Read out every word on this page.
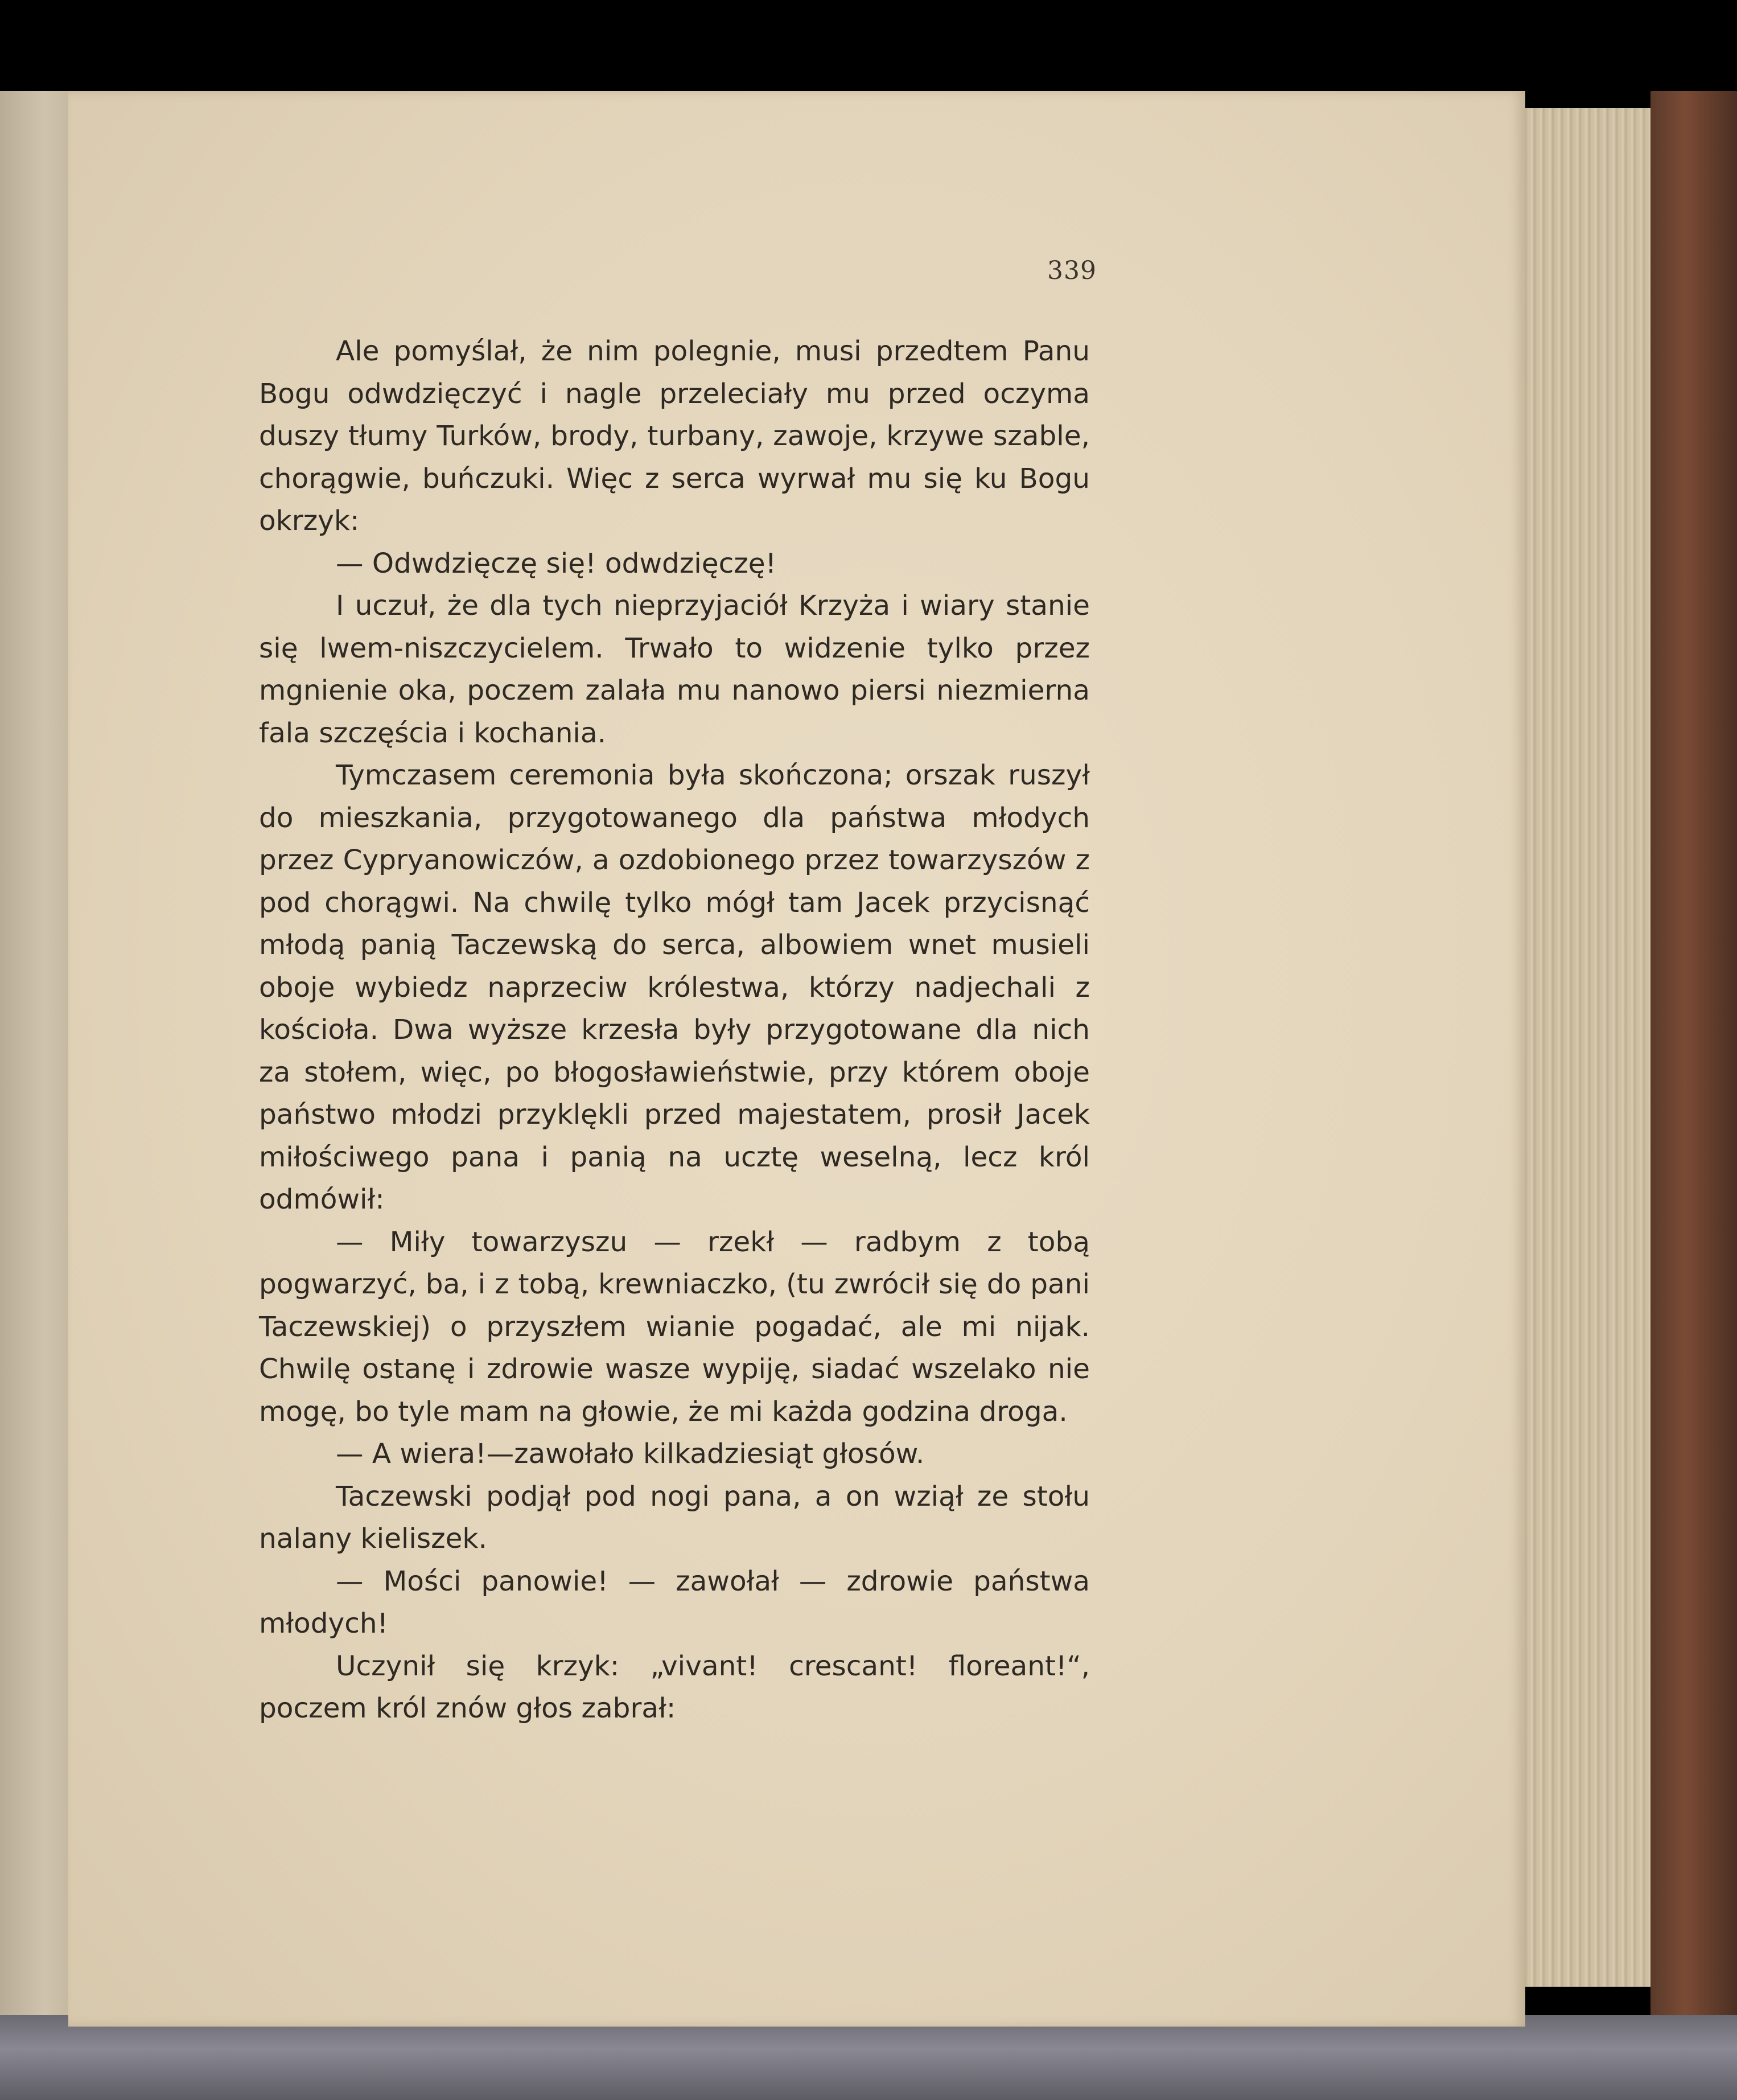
339

Ale pomyślał, że nim polegnie, musi przedtem Panu Bogu odwdzięczyć i nagle przeleciały mu przed oczyma duszy tłumy Turków, brody, turbany, zawoje, krzywe szable, chorągwie, buńczuki. Więc z serca wyrwał mu się ku Bogu okrzyk:

— Odwdzięczę się! odwdzięczę!

I uczuł, że dla tych nieprzyjaciół Krzyża i wiary stanie się lwem-niszczycielem. Trwało to widzenie tylko przez mgnienie oka, poczem zalała mu nanowo piersi niezmierna fala szczęścia i kochania.

Tymczasem ceremonia była skończona; orszak ruszył do mieszkania, przygotowanego dla państwa młodych przez Cypryanowiczów, a ozdobionego przez towarzyszów z pod chorągwi. Na chwilę tylko mógł tam Jacek przycisnąć młodą panią Taczewską do serca, albowiem wnet musieli oboje wybiedz naprzeciw królestwa, którzy nadjechali z kościoła. Dwa wyższe krzesła były przygotowane dla nich za stołem, więc, po błogosławieństwie, przy którem oboje państwo młodzi przyklękli przed majestatem, prosił Jacek miłościwego pana i panią na ucztę weselną, lecz król odmówił:

— Miły towarzyszu — rzekł — radbym z tobą pogwarzyć, ba, i z tobą, krewniaczko, (tu zwrócił się do pani Taczewskiej) o przyszłem wianie pogadać, ale mi nijak. Chwilę ostanę i zdrowie wasze wypiję, siadać wszelako nie mogę, bo tyle mam na głowie, że mi każda godzina droga.

— A wiera!—zawołało kilkadziesiąt głosów.

Taczewski podjął pod nogi pana, a on wziął ze stołu nalany kieliszek.

— Mości panowie! — zawołał — zdrowie państwa młodych!

Uczynił się krzyk: „vivant! crescant! floreant!“, poczem król znów głos zabrał:
